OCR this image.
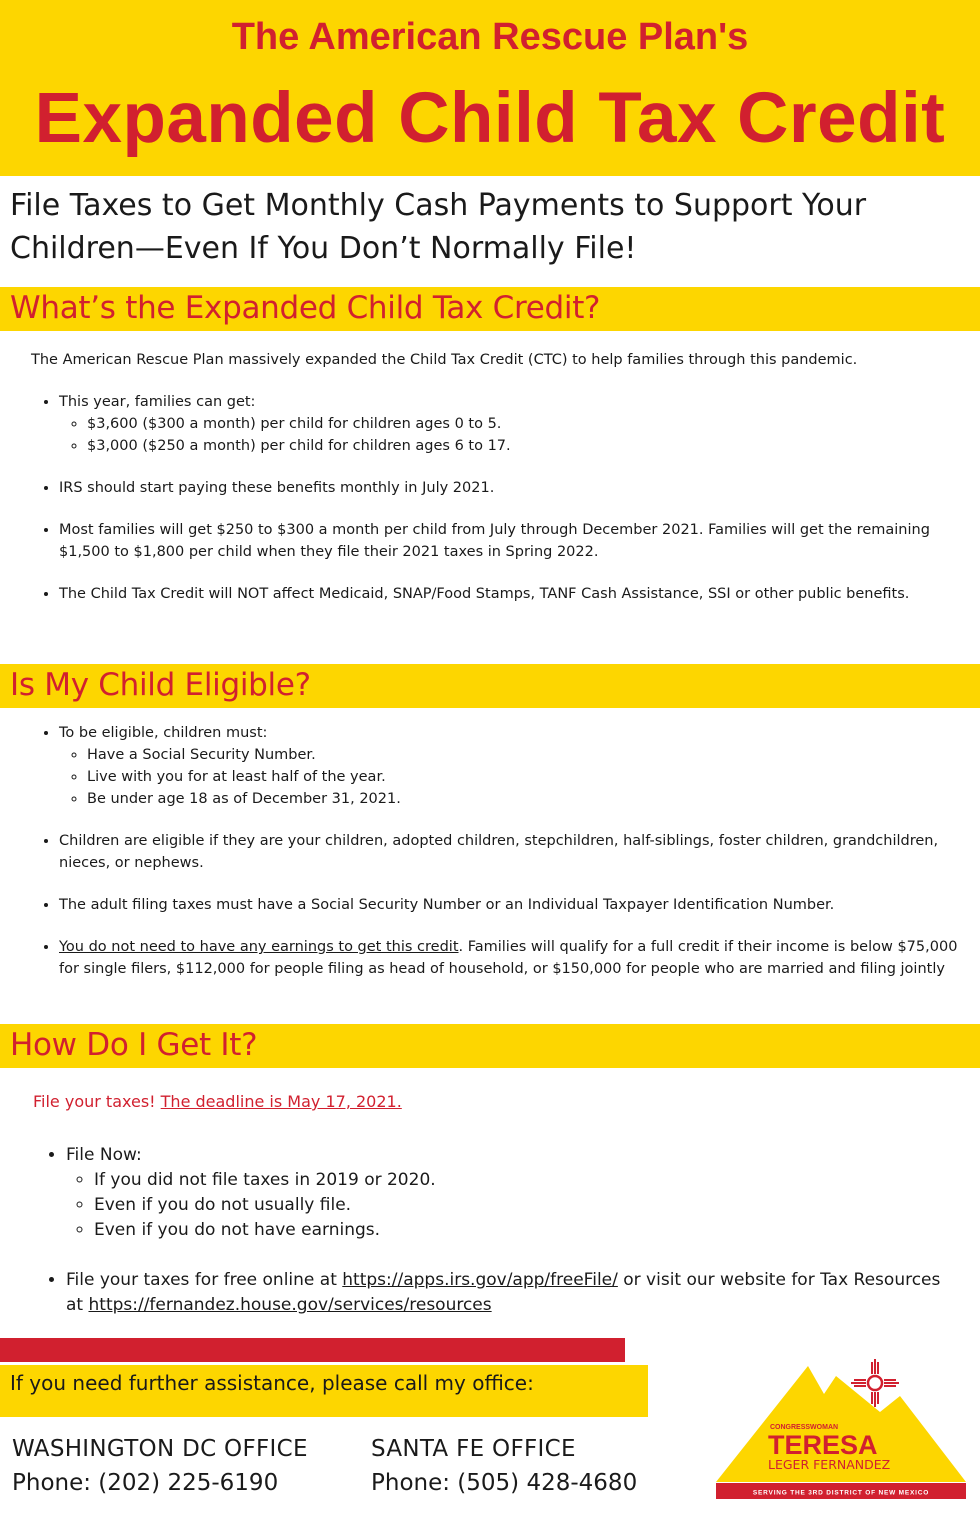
The American Rescue Plan's
Expanded Child Tax Credit
File Taxes to Get Monthly Cash Payments to Support Your
Children—Even If You Don’t Normally File!
What’s the Expanded Child Tax Credit?
The American Rescue Plan massively expanded the Child Tax Credit (CTC) to help families through this pandemic.
• This year, families can get:
◦ $3,600 ($300 a month) per child for children ages 0 to 5.
◦ $3,000 ($250 a month) per child for children ages 6 to 17.
• IRS should start paying these benefits monthly in July 2021.
• Most families will get $250 to $300 a month per child from July through December 2021. Families will get the remaining $1,500 to $1,800 per child when they file their 2021 taxes in Spring 2022.
• The Child Tax Credit will NOT affect Medicaid, SNAP/Food Stamps, TANF Cash Assistance, SSI or other public benefits.
Is My Child Eligible?
• To be eligible, children must:
◦ Have a Social Security Number.
◦ Live with you for at least half of the year.
◦ Be under age 18 as of December 31, 2021.
• Children are eligible if they are your children, adopted children, stepchildren, half-siblings, foster children, grandchildren, nieces, or nephews.
• The adult filing taxes must have a Social Security Number or an Individual Taxpayer Identification Number.
• You do not need to have any earnings to get this credit. Families will qualify for a full credit if their income is below $75,000 for single filers, $112,000 for people filing as head of household, or $150,000 for people who are married and filing jointly
How Do I Get It?
File your taxes! The deadline is May 17, 2021.
• File Now:
◦ If you did not file taxes in 2019 or 2020.
◦ Even if you do not usually file.
◦ Even if you do not have earnings.
• File your taxes for free online at https://apps.irs.gov/app/freeFile/ or visit our website for Tax Resources at https://fernandez.house.gov/services/resources
If you need further assistance, please call my office:
WASHINGTON DC OFFICE
Phone: (202) 225-6190
SANTA FE OFFICE
Phone: (505) 428-4680
CONGRESSWOMAN
TERESA
LEGER FERNANDEZ
SERVING THE 3RD DISTRICT OF NEW MEXICO
